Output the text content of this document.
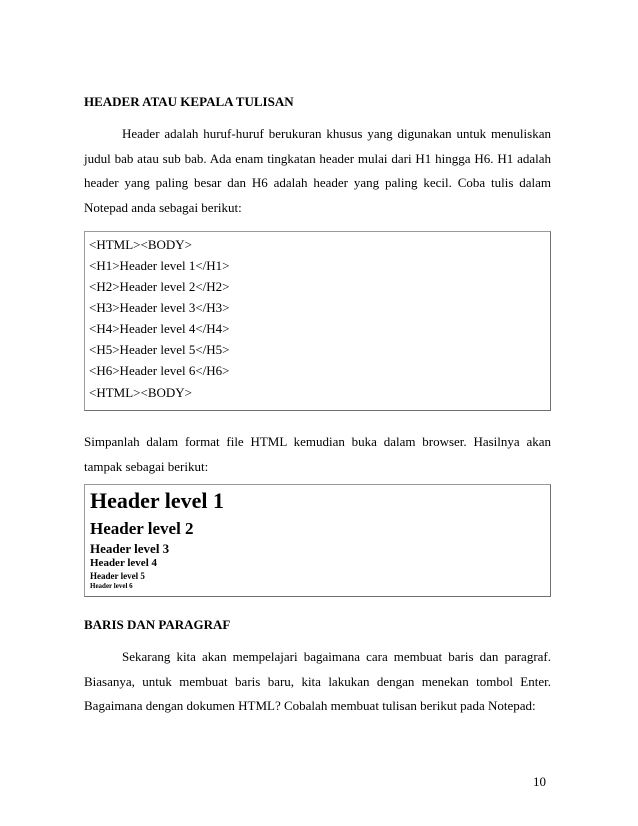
HEADER ATAU KEPALA TULISAN
Header adalah huruf-huruf berukuran khusus yang digunakan untuk menuliskan judul bab atau sub bab. Ada enam tingkatan header mulai dari H1 hingga H6. H1 adalah header yang paling besar dan H6 adalah header yang paling kecil. Coba tulis dalam Notepad anda sebagai berikut:
<HTML><BODY>
<H1>Header level 1</H1>
<H2>Header level 2</H2>
<H3>Header level 3</H3>
<H4>Header level 4</H4>
<H5>Header level 5</H5>
<H6>Header level 6</H6>
<HTML><BODY>
Simpanlah dalam format file HTML kemudian buka dalam browser. Hasilnya akan tampak sebagai berikut:
Header level 1
Header level 2
Header level 3
Header level 4
Header level 5
Header level 6
BARIS DAN PARAGRAF
Sekarang kita akan mempelajari bagaimana cara membuat baris dan paragraf. Biasanya, untuk membuat baris baru, kita lakukan dengan menekan tombol Enter. Bagaimana dengan dokumen HTML? Cobalah membuat tulisan berikut pada Notepad:
10
